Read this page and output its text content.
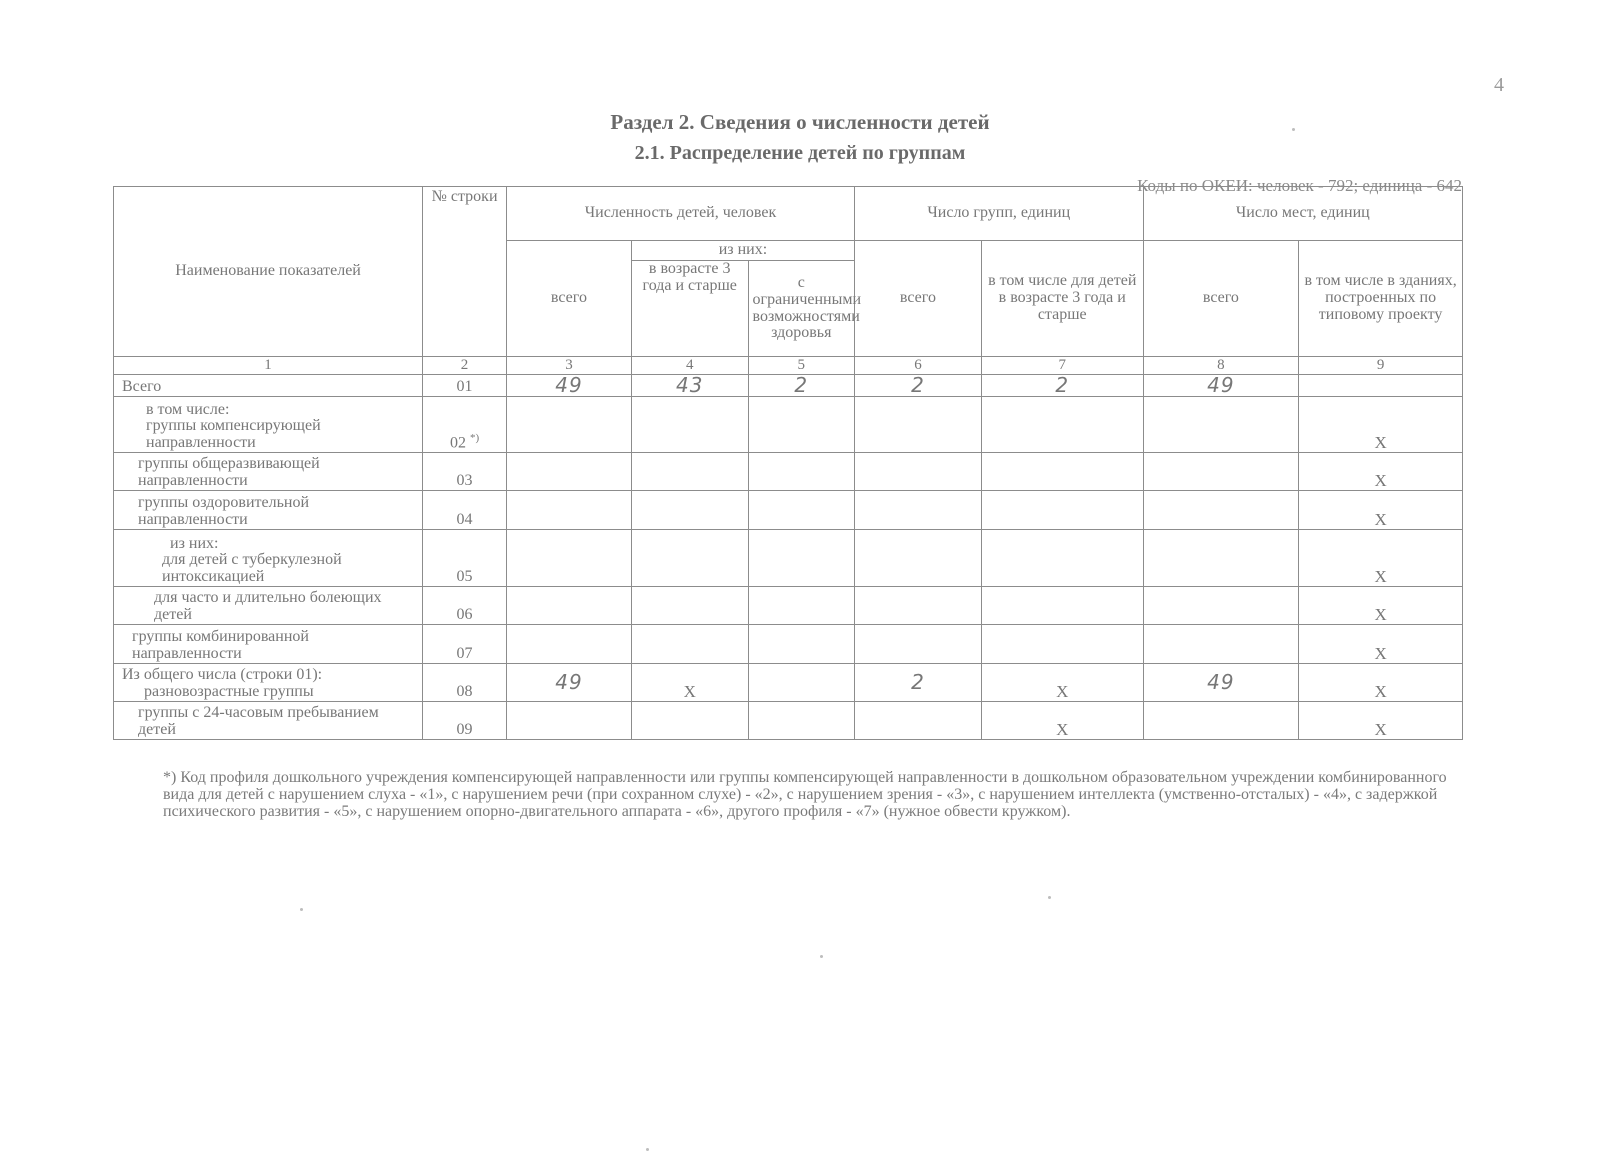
4
Раздел 2. Сведения о численности детей
2.1. Распределение детей по группам
Коды по ОКЕИ: человек - 792; единица - 642
Наименование показателей	№ строки	Численность детей, человек			Число групп, единиц		Число мест, единиц	
		всего	из них:		всего	в том числе для детей в возрасте 3 года и старше	всего	в том числе в зданиях, построенных по типовому проекту
			в возрасте 3 года и старше	с ограниченными возможностями здоровья				
1	2	3	4	5	6	7	8	9
Всего	01	49	43	2	2	2	49	

в том числе:
группы компенсирующей направленности	02 *)							X
группы общеразвивающей направленности	03							X
группы оздоровительной направленности	04							X

из них:
для детей с туберкулезной интоксикацией	05							X
для часто и длительно болеющих детей	06							X
группы комбинированной направленности	07							X

Из общего числа (строки 01):
разновозрастные группы	08	49	X		2	X	49	X
группы с 24-часовым пребыванием детей	09					X		X
*) Код профиля дошкольного учреждения компенсирующей направленности или группы компенсирующей направленности в дошкольном образовательном учреждении комбинированного вида для детей с нарушением слуха - «1», с нарушением речи (при сохранном слухе) - «2», с нарушением зрения - «3», с нарушением интеллекта (умственно-отсталых) - «4», с задержкой психического развития - «5», с нарушением опорно-двигательного аппарата - «6», другого профиля - «7» (нужное обвести кружком).
